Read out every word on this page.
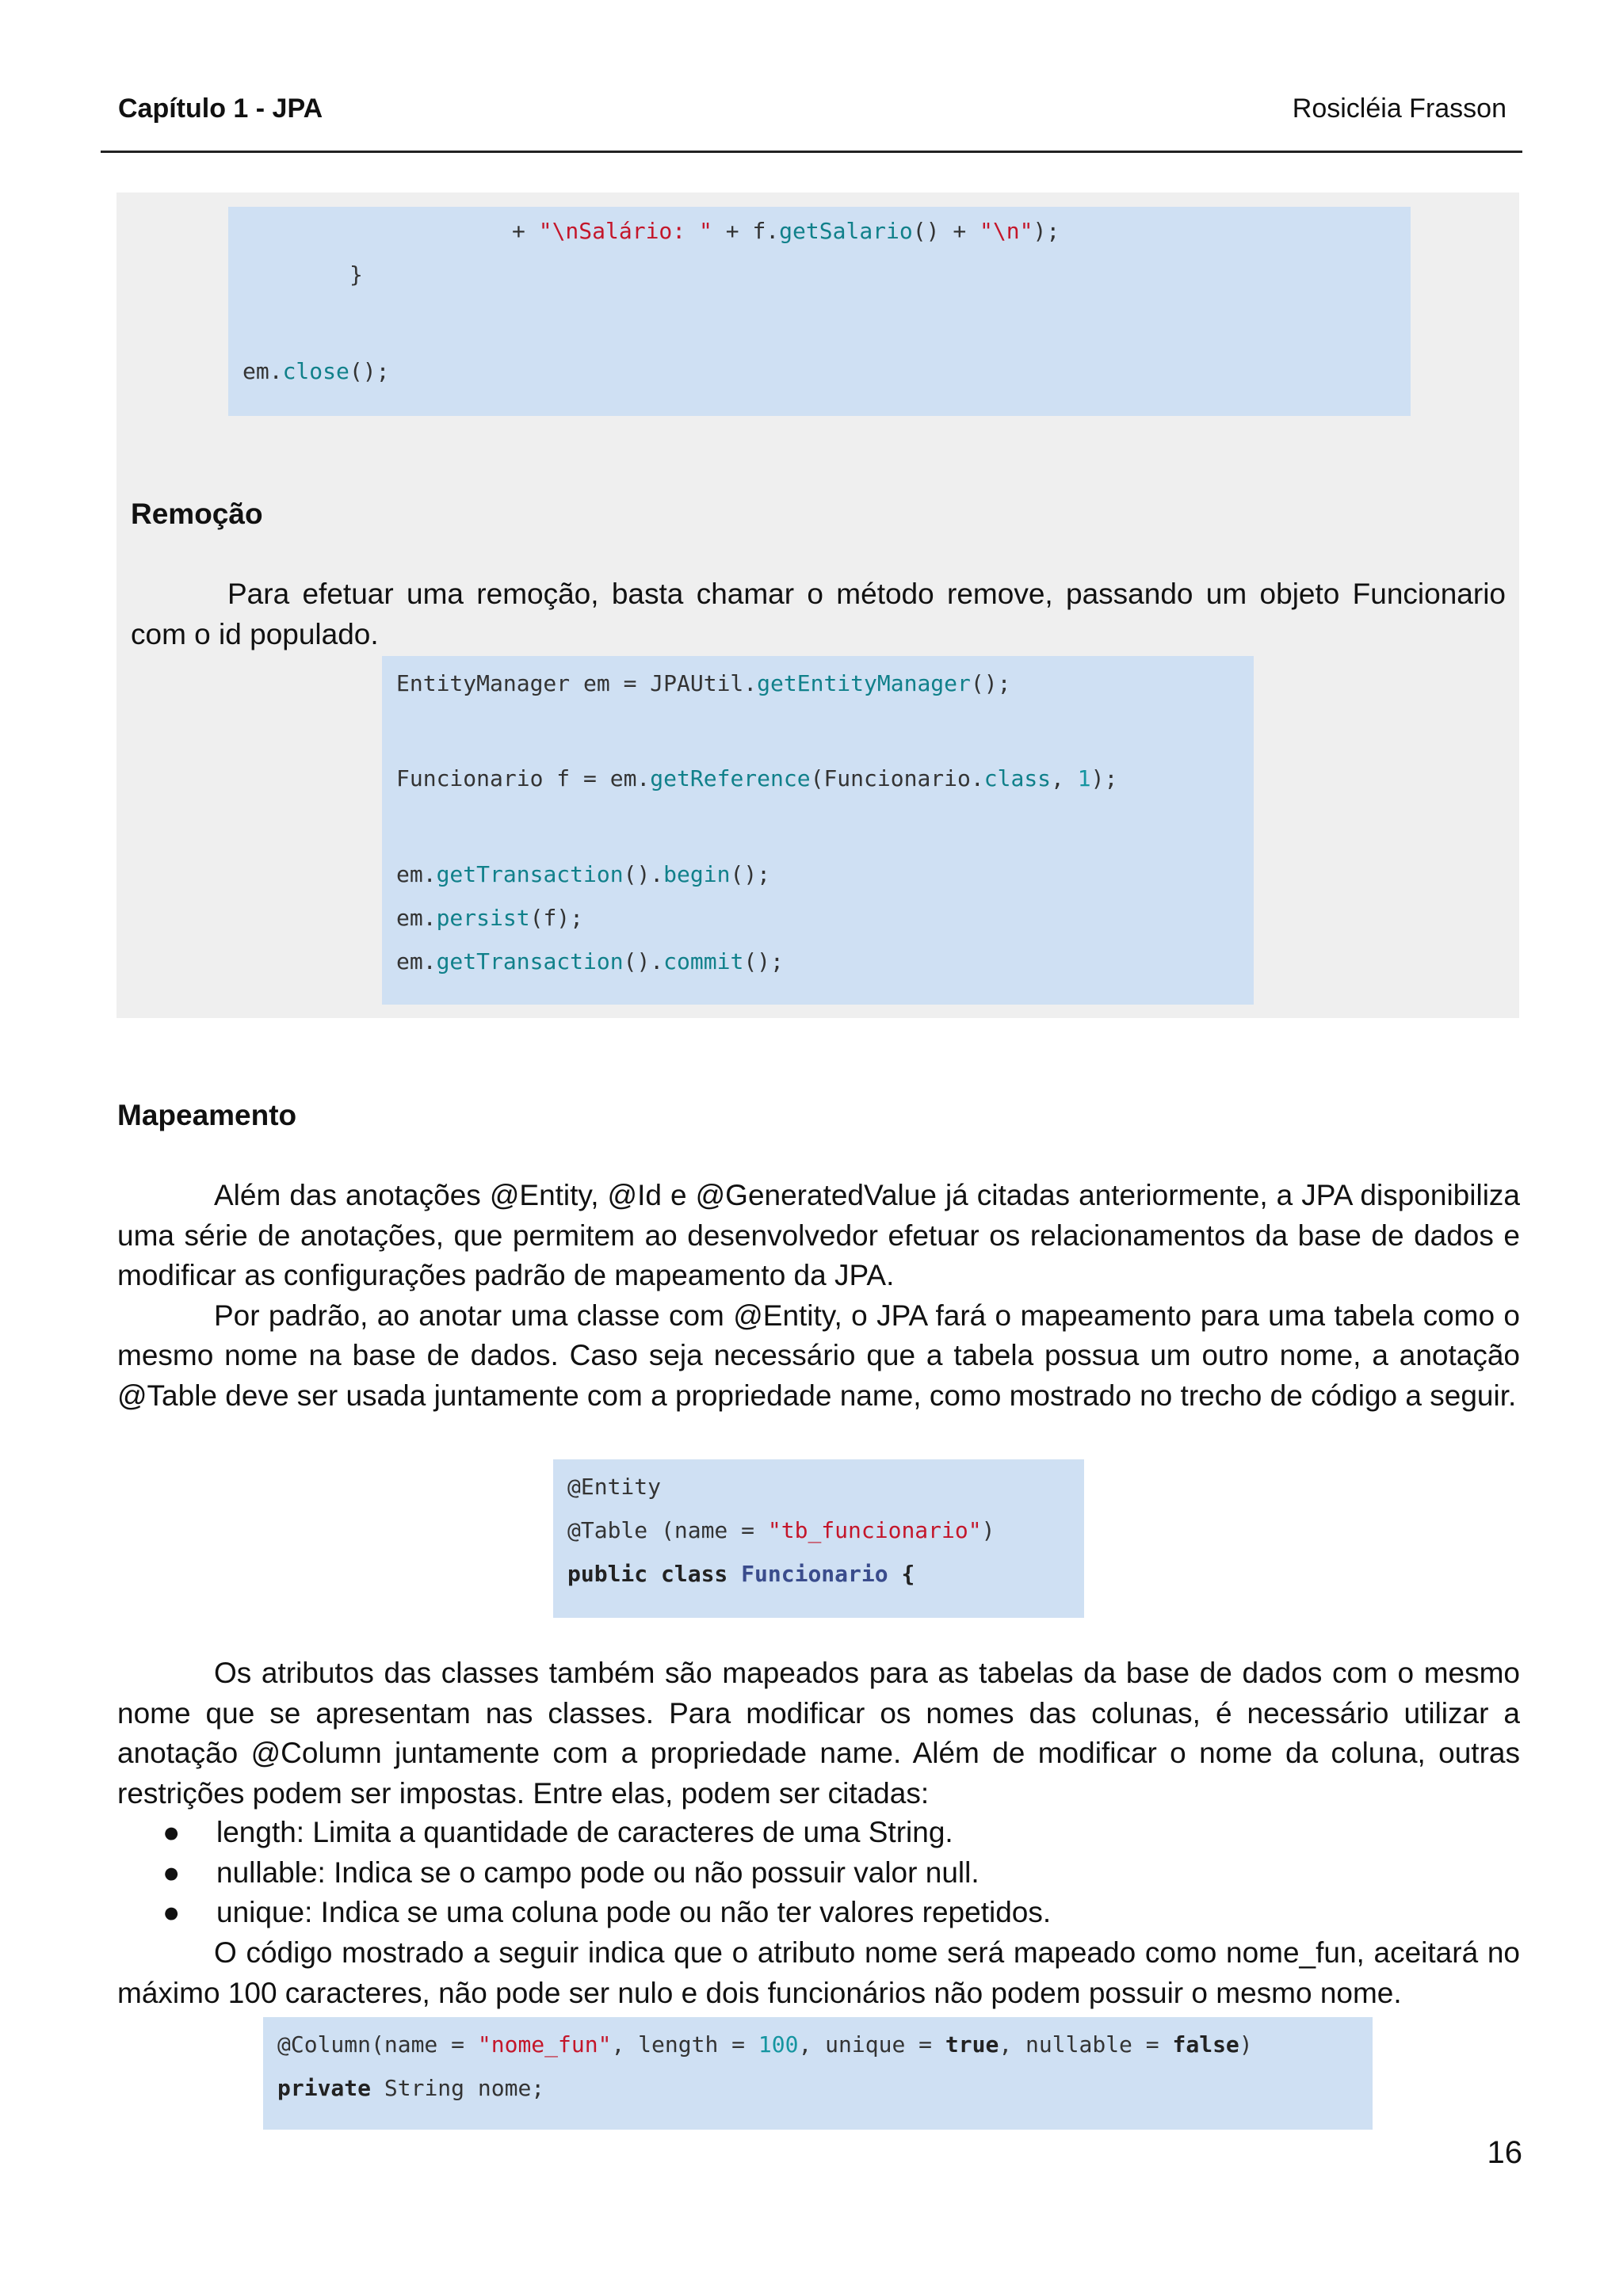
Capítulo 1 - JPA	Rosicléia Frasson

+ "\nSalário: " + f.getSalario() + "\n");

}

em.close();

Remoção

Para efetuar uma remoção, basta chamar o método remove, passando um objeto Funcionario com o id populado.

EntityManager em = JPAUtil.getEntityManager();

Funcionario f = em.getReference(Funcionario.class, 1);

em.getTransaction().begin();

em.persist(f);

em.getTransaction().commit();

Mapeamento

Além das anotações @Entity, @Id e @GeneratedValue já citadas anteriormente, a JPA disponibiliza uma série de anotações, que permitem ao desenvolvedor efetuar os relacionamentos da base de dados e modificar as configurações padrão de mapeamento da JPA.

Por padrão, ao anotar uma classe com @Entity, o JPA fará o mapeamento para uma tabela como o mesmo nome na base de dados. Caso seja necessário que a tabela possua um outro nome, a anotação @Table deve ser usada juntamente com a propriedade name, como mostrado no trecho de código a seguir.

@Entity

@Table (name = "tb_funcionario")

public class Funcionario {

Os atributos das classes também são mapeados para as tabelas da base de dados com o mesmo nome que se apresentam nas classes. Para modificar os nomes das colunas, é necessário utilizar a anotação @Column juntamente com a propriedade name. Além de modificar o nome da coluna, outras restrições podem ser impostas. Entre elas, podem ser citadas:

● length: Limita a quantidade de caracteres de uma String.
● nullable: Indica se o campo pode ou não possuir valor null.
● unique: Indica se uma coluna pode ou não ter valores repetidos.

O código mostrado a seguir indica que o atributo nome será mapeado como nome_fun, aceitará no máximo 100 caracteres, não pode ser nulo e dois funcionários não podem possuir o mesmo nome.

@Column(name = "nome_fun", length = 100, unique = true, nullable = false)

private String nome;

16
